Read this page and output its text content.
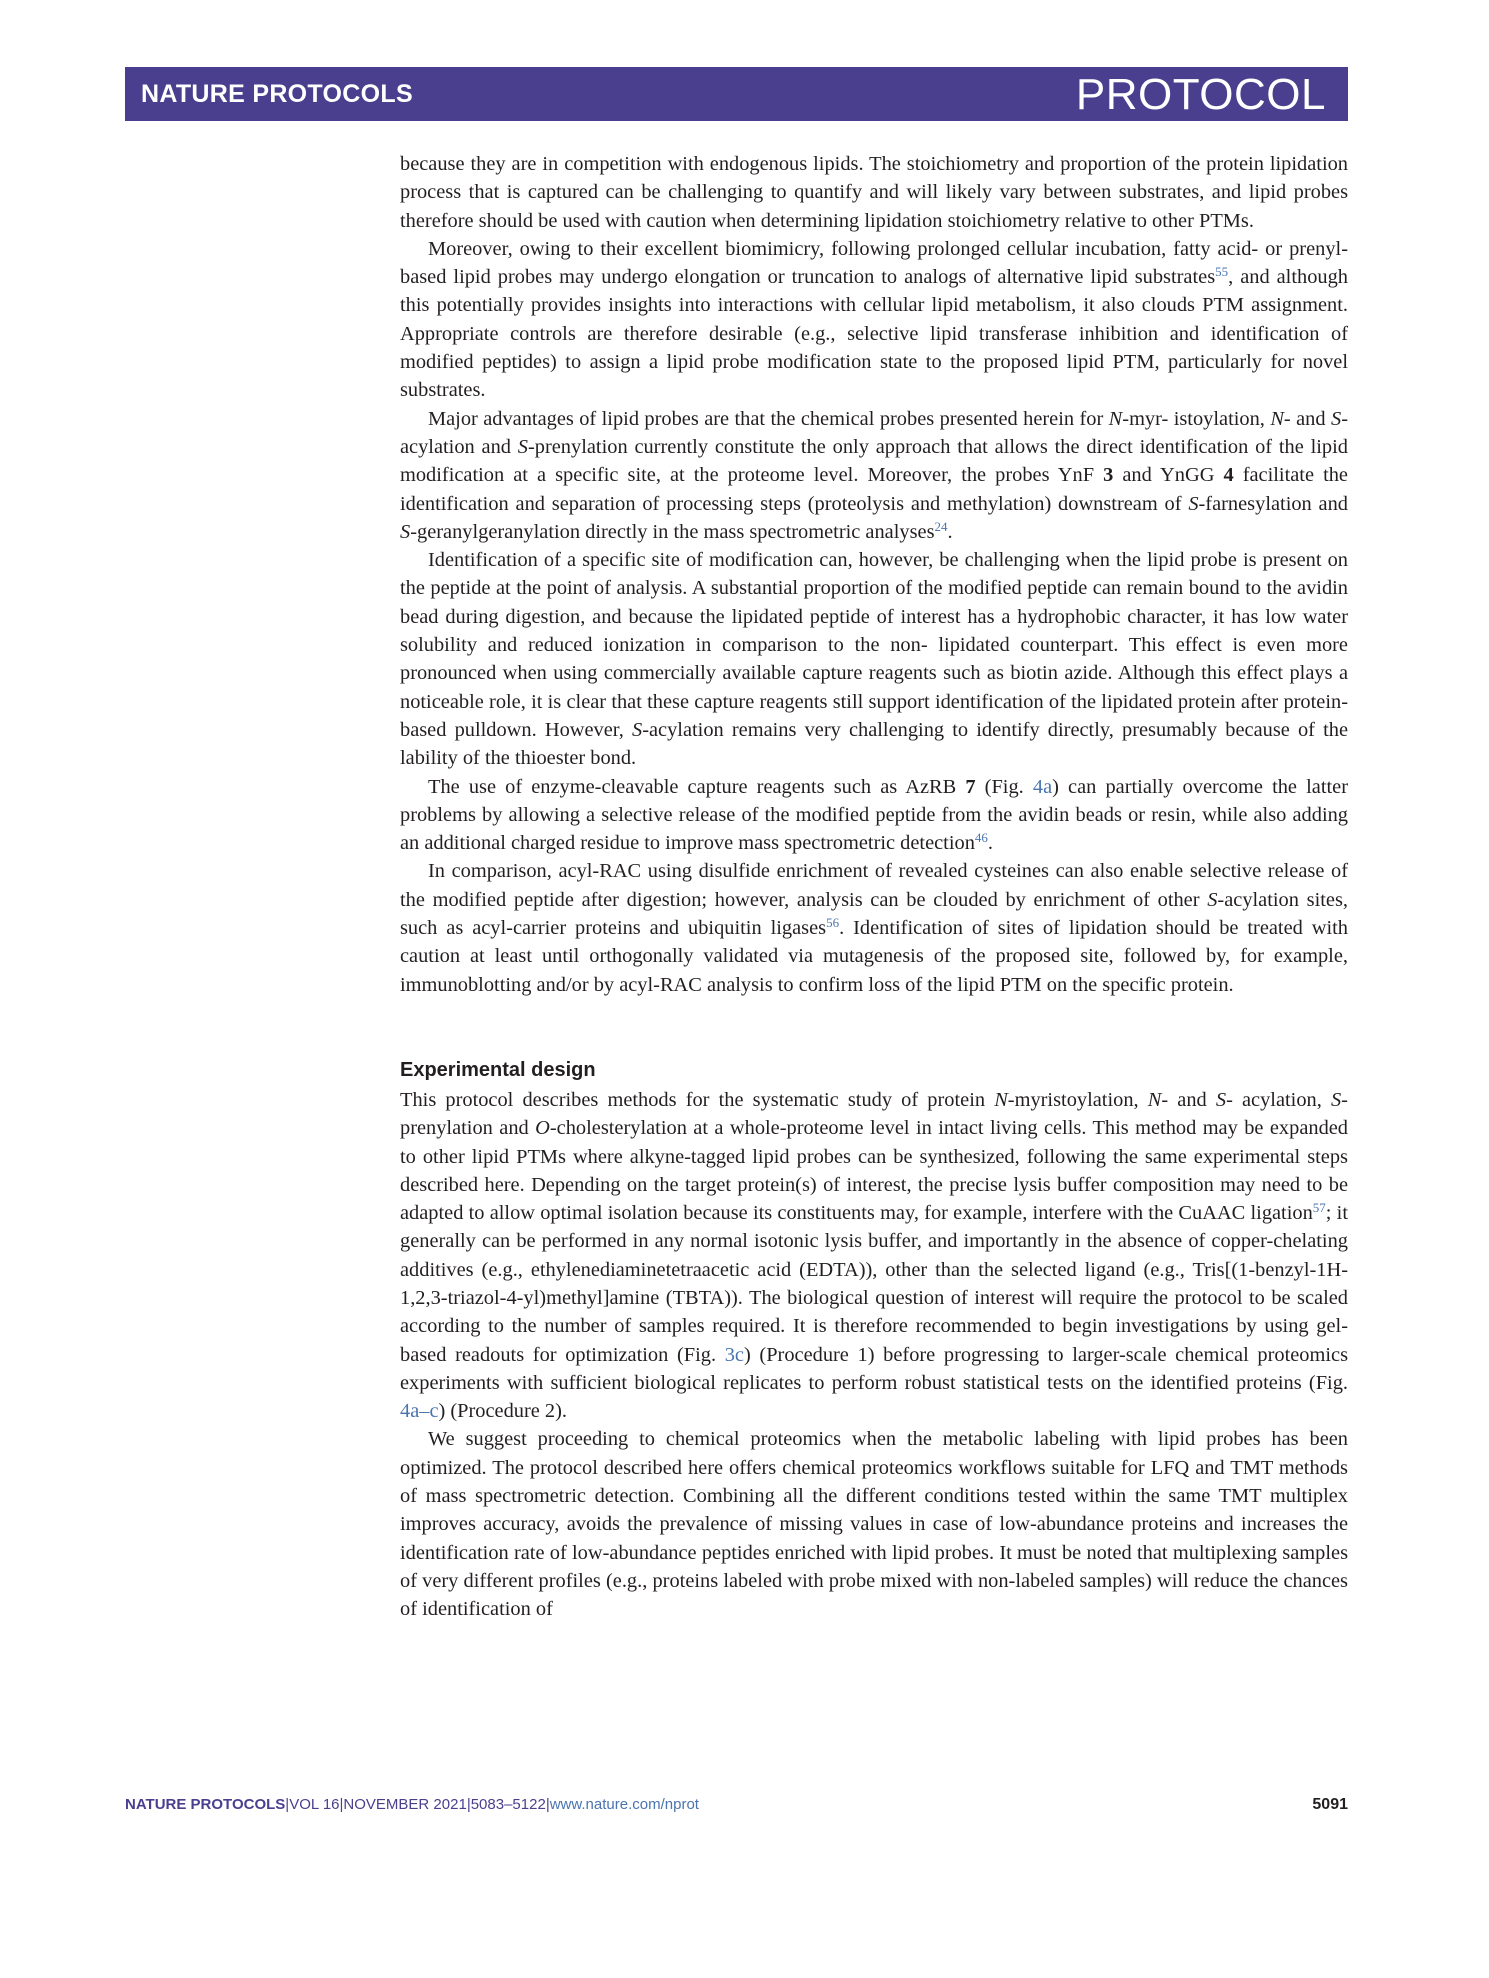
NATURE PROTOCOLS	PROTOCOL

because they are in competition with endogenous lipids. The stoichiometry and proportion of the protein lipidation process that is captured can be challenging to quantify and will likely vary between substrates, and lipid probes therefore should be used with caution when determining lipidation stoichiometry relative to other PTMs.

Moreover, owing to their excellent biomimicry, following prolonged cellular incubation, fatty acid- or prenyl-based lipid probes may undergo elongation or truncation to analogs of alternative lipid substrates$^{55}$, and although this potentially provides insights into interactions with cellular lipid metabolism, it also clouds PTM assignment. Appropriate controls are therefore desirable (e.g., selective lipid transferase inhibition and identification of modified peptides) to assign a lipid probe modification state to the proposed lipid PTM, particularly for novel substrates.

Major advantages of lipid probes are that the chemical probes presented herein for N-myr- istoylation, N- and S-acylation and S-prenylation currently constitute the only approach that allows the direct identification of the lipid modification at a specific site, at the proteome level. Moreover, the probes YnF 3 and YnGG 4 facilitate the identification and separation of processing steps (proteolysis and methylation) downstream of S-farnesylation and S-geranylgeranylation directly in the mass spectrometric analyses$^{24}$.

Identification of a specific site of modification can, however, be challenging when the lipid probe is present on the peptide at the point of analysis. A substantial proportion of the modified peptide can remain bound to the avidin bead during digestion, and because the lipidated peptide of interest has a hydrophobic character, it has low water solubility and reduced ionization in comparison to the non- lipidated counterpart. This effect is even more pronounced when using commercially available capture reagents such as biotin azide. Although this effect plays a noticeable role, it is clear that these capture reagents still support identification of the lipidated protein after protein-based pulldown. However, S-acylation remains very challenging to identify directly, presumably because of the lability of the thioester bond.

The use of enzyme-cleavable capture reagents such as AzRB 7 (Fig. 4a) can partially overcome the latter problems by allowing a selective release of the modified peptide from the avidin beads or resin, while also adding an additional charged residue to improve mass spectrometric detection$^{46}$.

In comparison, acyl-RAC using disulfide enrichment of revealed cysteines can also enable selective release of the modified peptide after digestion; however, analysis can be clouded by enrichment of other S-acylation sites, such as acyl-carrier proteins and ubiquitin ligases$^{56}$. Identification of sites of lipidation should be treated with caution at least until orthogonally validated via mutagenesis of the proposed site, followed by, for example, immunoblotting and/or by acyl-RAC analysis to confirm loss of the lipid PTM on the specific protein.

Experimental design

This protocol describes methods for the systematic study of protein N-myristoylation, N- and S- acylation, S-prenylation and O-cholesterylation at a whole-proteome level in intact living cells. This method may be expanded to other lipid PTMs where alkyne-tagged lipid probes can be synthesized, following the same experimental steps described here. Depending on the target protein(s) of interest, the precise lysis buffer composition may need to be adapted to allow optimal isolation because its constituents may, for example, interfere with the CuAAC ligation$^{57}$; it generally can be performed in any normal isotonic lysis buffer, and importantly in the absence of copper-chelating additives (e.g., ethylenediaminetetraacetic acid (EDTA)), other than the selected ligand (e.g., Tris[(1-benzyl-1H- 1,2,3-triazol-4-yl)methyl]amine (TBTA)). The biological question of interest will require the protocol to be scaled according to the number of samples required. It is therefore recommended to begin investigations by using gel-based readouts for optimization (Fig. 3c) (Procedure 1) before progressing to larger-scale chemical proteomics experiments with sufficient biological replicates to perform robust statistical tests on the identified proteins (Fig. 4a–c) (Procedure 2).

We suggest proceeding to chemical proteomics when the metabolic labeling with lipid probes has been optimized. The protocol described here offers chemical proteomics workflows suitable for LFQ and TMT methods of mass spectrometric detection. Combining all the different conditions tested within the same TMT multiplex improves accuracy, avoids the prevalence of missing values in case of low-abundance proteins and increases the identification rate of low-abundance peptides enriched with lipid probes. It must be noted that multiplexing samples of very different profiles (e.g., proteins labeled with probe mixed with non-labeled samples) will reduce the chances of identification of

NATURE PROTOCOLS|VOL 16|NOVEMBER 2021|5083–5122|www.nature.com/nprot	5091
